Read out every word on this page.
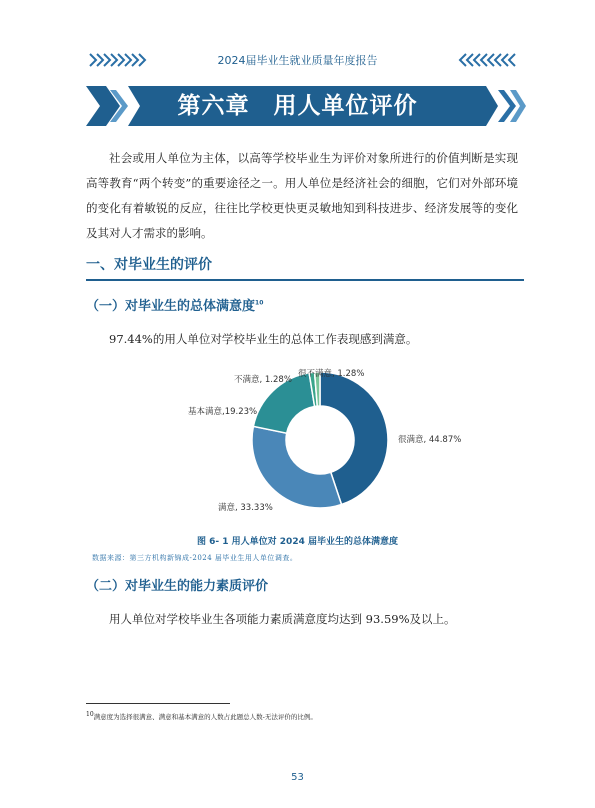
2024届毕业生就业质量年度报告
第六章　用人单位评价

社会或用人单位为主体，以高等学校毕业生为评价对象所进行的价值判断是实现高等教育“两个转变”的重要途径之一。用人单位是经济社会的细胞，它们对外部环境的变化有着敏锐的反应，往往比学校更快更灵敏地知到科技进步、经济发展等的变化及其对人才需求的影响。

一、对毕业生的评价
（一）对毕业生的总体满意度$^{10}$
97.44%的用人单位对学校毕业生的总体工作表现感到满意。
很满意, 44.87%
满意, 33.33%
基本满意,19.23%
不满意, 1.28%
很不满意, 1.28%
图 6- 1 用人单位对 2024 届毕业生的总体满意度
数据来源：第三方机构新锦成-2024 届毕业生用人单位调查。
（二）对毕业生的能力素质评价
用人单位对学校毕业生各项能力素质满意度均达到 93.59%及以上。
10满意度为选择很满意、满意和基本满意的人数占此题总人数-无法评价的比例。
53
